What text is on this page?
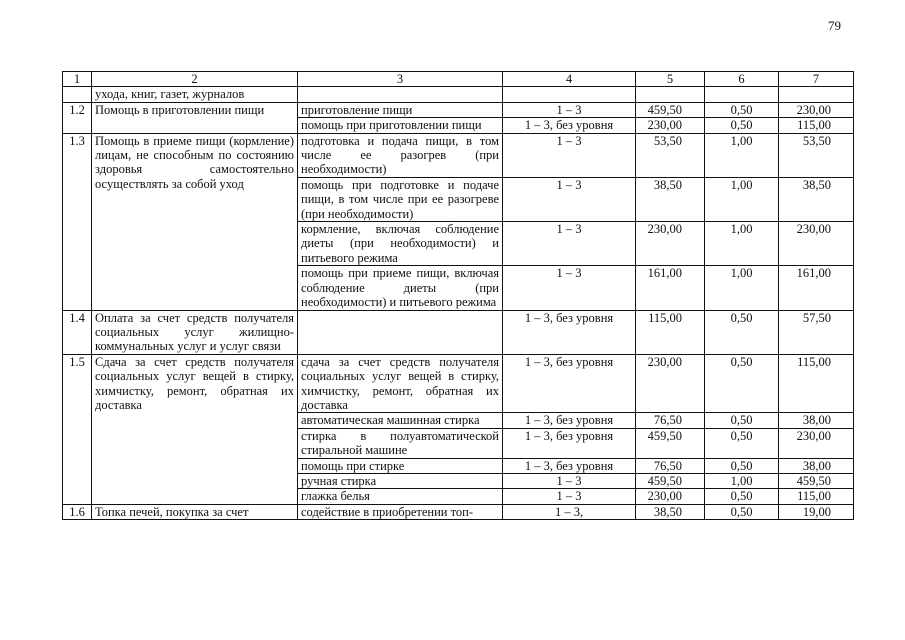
79
1	2	3	4	5	6	7
	ухода, книг, газет, журналов					
1.2	Помощь в приготовлении пищи	приготовление пищи	1 – 3	459,50	0,50	230,00
		помощь при приготовлении пищи	1 – 3, без уровня	230,00	0,50	115,00
1.3	Помощь в приеме пищи (кормление) лицам, не способным по состоянию здоровья самостоятельно осуществлять за собой уход	подготовка и подача пищи, в том числе ее разогрев (при необходимости)	1 – 3	53,50	1,00	53,50
		помощь при подготовке и подаче пищи, в том числе при ее разогреве (при необходимости)	1 – 3	38,50	1,00	38,50
		кормление, включая соблюдение диеты (при необходимости) и питьевого режима	1 – 3	230,00	1,00	230,00
		помощь при приеме пищи, включая соблюдение диеты (при необходимости) и питьевого режима	1 – 3	161,00	1,00	161,00
1.4	Оплата за счет средств получателя социальных услуг жилищно-коммунальных услуг и услуг связи		1 – 3, без уровня	115,00	0,50	57,50
1.5	Сдача за счет средств получателя социальных услуг вещей в стирку, химчистку, ремонт, обратная их доставка	сдача за счет средств получателя социальных услуг вещей в стирку, химчистку, ремонт, обратная их доставка	1 – 3, без уровня	230,00	0,50	115,00
		автоматическая машинная стирка	1 – 3, без уровня	76,50	0,50	38,00
		стирка в полуавтоматической стиральной машине	1 – 3, без уровня	459,50	0,50	230,00
		помощь при стирке	1 – 3, без уровня	76,50	0,50	38,00
		ручная стирка	1 – 3	459,50	1,00	459,50
		глажка белья	1 – 3	230,00	0,50	115,00
1.6	Топка печей, покупка за счет	содействие в приобретении топ-	1 – 3,	38,50	0,50	19,00
